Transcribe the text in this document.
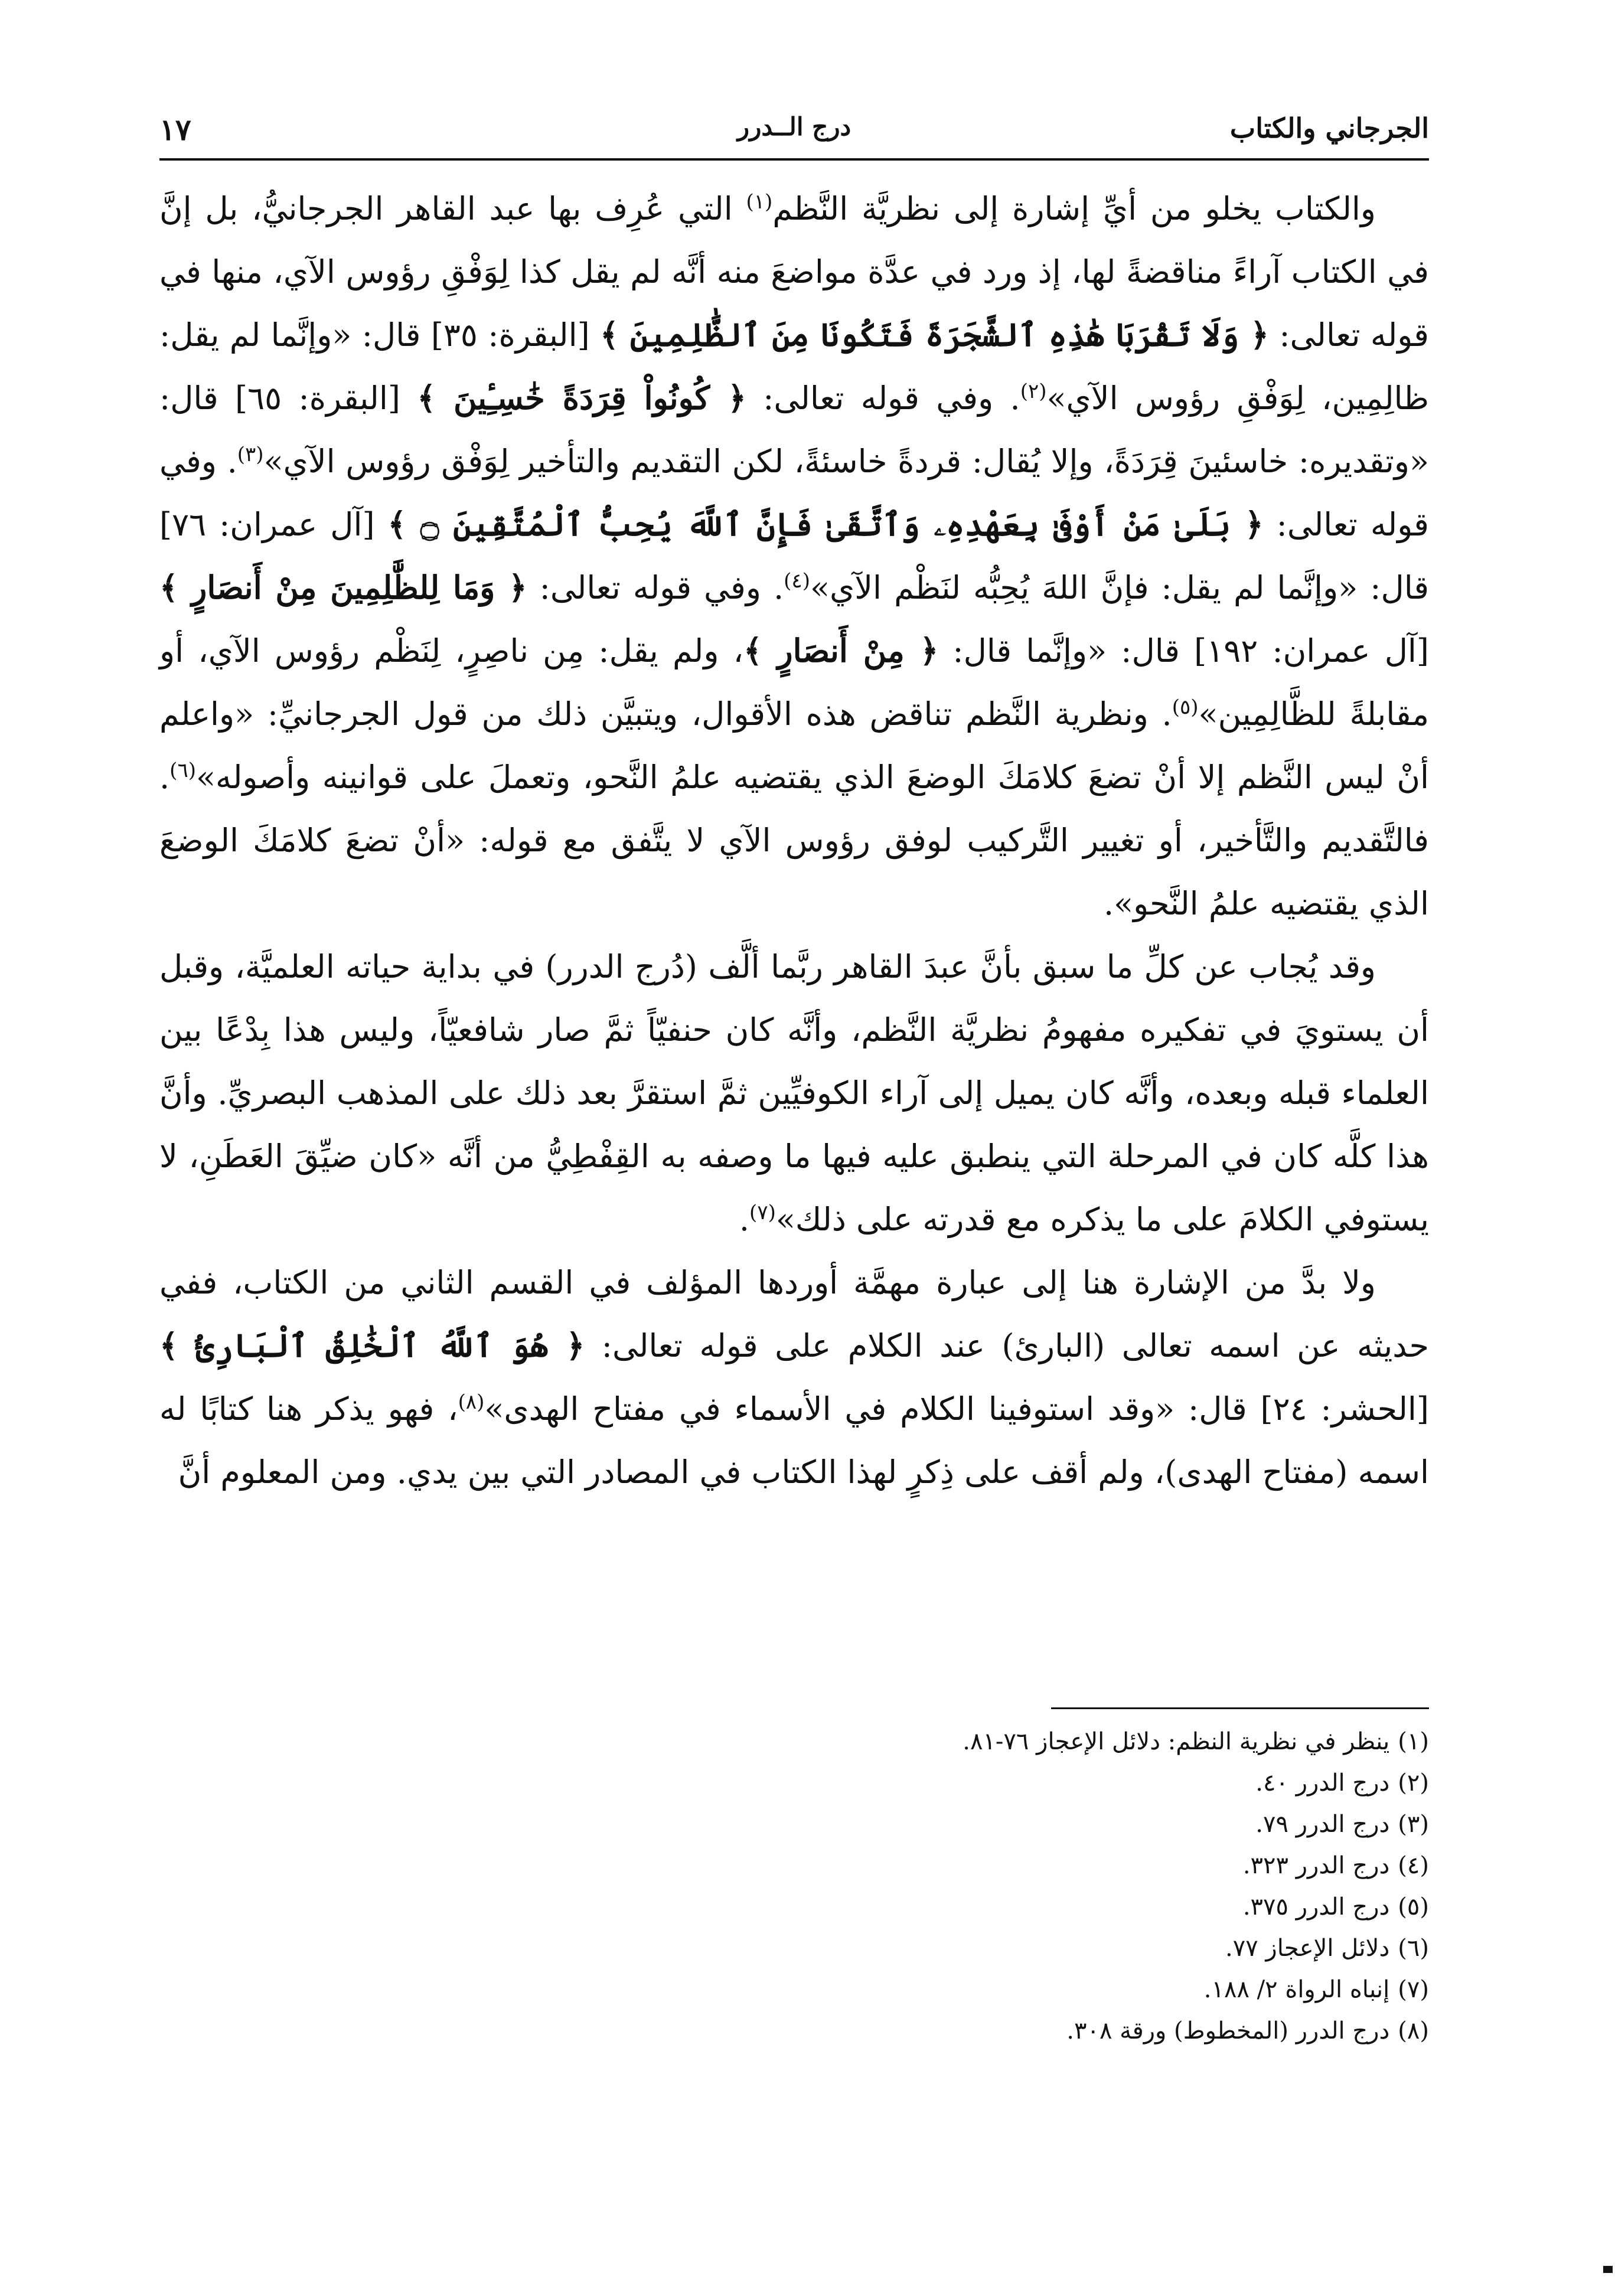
الجرجاني والكتاب
درج الــدرر
١٧

والكتاب يخلو من أيِّ إشارة إلى نظريَّة النَّظم$^{(١)}$ التي عُرِف بها عبد القاهر الجرجانيُّ، بل إنَّ في الكتاب آراءً مناقضةً لها، إذ ورد في عدَّة مواضعَ منه أنَّه لم يقل كذا لِوَفْقِ رؤوس الآي، منها في قوله تعالى: ﴿ وَلَا تَقْرَبَا هَٰذِهِ ٱلشَّجَرَةَ فَتَكُونَا مِنَ ٱلظَّٰلِمِينَ ﴾ [البقرة: ٣٥] قال: «وإنَّما لم يقل: ظالِمِين، لِوَفْقِ رؤوس الآي»$^{(٢)}$. وفي قوله تعالى: ﴿ كُونُواْ قِرَدَةً خَٰسِـِٔينَ ﴾ [البقرة: ٦٥] قال: «وتقديره: خاسئينَ قِرَدَةً، وإلا يُقال: قردةً خاسئةً، لكن التقديم والتأخير لِوَفْق رؤوس الآي»$^{(٣)}$. وفي قوله تعالى: ﴿ بَلَىٰ مَنْ أَوْفَىٰ بِعَهْدِهِۦ وَٱتَّقَىٰ فَإِنَّ ٱللَّهَ يُحِبُّ ٱلْمُتَّقِينَ ۝ ﴾ [آل عمران: ٧٦] قال: «وإنَّما لم يقل: فإنَّ اللهَ يُحِبُّه لنَظْم الآي»$^{(٤)}$. وفي قوله تعالى: ﴿ وَمَا لِلظَّٰلِمِينَ مِنْ أَنصَارٍ ﴾ [آل عمران: ١٩٢] قال: «وإنَّما قال: ﴿ مِنْ أَنصَارٍ ﴾، ولم يقل: مِن ناصِرٍ، لِنَظْم رؤوس الآي، أو مقابلةً للظَّالِمِين»$^{(٥)}$. ونظرية النَّظم تناقض هذه الأقوال، ويتبيَّن ذلك من قول الجرجانيِّ: «واعلم أنْ ليس النَّظم إلا أنْ تضعَ كلامَكَ الوضعَ الذي يقتضيه علمُ النَّحو، وتعملَ على قوانينه وأصوله»$^{(٦)}$. فالتَّقديم والتَّأخير، أو تغيير التَّركيب لوفق رؤوس الآي لا يتَّفق مع قوله: «أنْ تضعَ كلامَكَ الوضعَ الذي يقتضيه علمُ النَّحو».

وقد يُجاب عن كلِّ ما سبق بأنَّ عبدَ القاهر ربَّما ألَّف (دُرج الدرر) في بداية حياته العلميَّة، وقبل أن يستويَ في تفكيره مفهومُ نظريَّة النَّظم، وأنَّه كان حنفيّاً ثمَّ صار شافعيّاً، وليس هذا بِدْعًا بين العلماء قبله وبعده، وأنَّه كان يميل إلى آراء الكوفيِّين ثمَّ استقرَّ بعد ذلك على المذهب البصريِّ. وأنَّ هذا كلَّه كان في المرحلة التي ينطبق عليه فيها ما وصفه به القِفْطِيُّ من أنَّه «كان ضيِّقَ العَطَنِ، لا يستوفي الكلامَ على ما يذكره مع قدرته على ذلك»$^{(٧)}$.

ولا بدَّ من الإشارة هنا إلى عبارة مهمَّة أوردها المؤلف في القسم الثاني من الكتاب، ففي حديثه عن اسمه تعالى (البارئ) عند الكلام على قوله تعالى: ﴿ هُوَ ٱللَّهُ ٱلْخَٰلِقُ ٱلْبَارِئُ ﴾ [الحشر: ٢٤] قال: «وقد استوفينا الكلام في الأسماء في مفتاح الهدى»$^{(٨)}$، فهو يذكر هنا كتابًا له اسمه (مفتاح الهدى)، ولم أقف على ذِكرٍ لهذا الكتاب في المصادر التي بين يدي. ومن المعلوم أنَّ

(١)ينظر في نظرية النظم: دلائل الإعجاز ٧٦-٨١.
(٢)درج الدرر ٤٠.
(٣)درج الدرر ٧٩.
(٤)درج الدرر ٣٢٣.
(٥)درج الدرر ٣٧٥.
(٦)دلائل الإعجاز ٧٧.
(٧)إنباه الرواة ٢/ ١٨٨.
(٨)درج الدرر (المخطوط) ورقة ٣٠٨.
